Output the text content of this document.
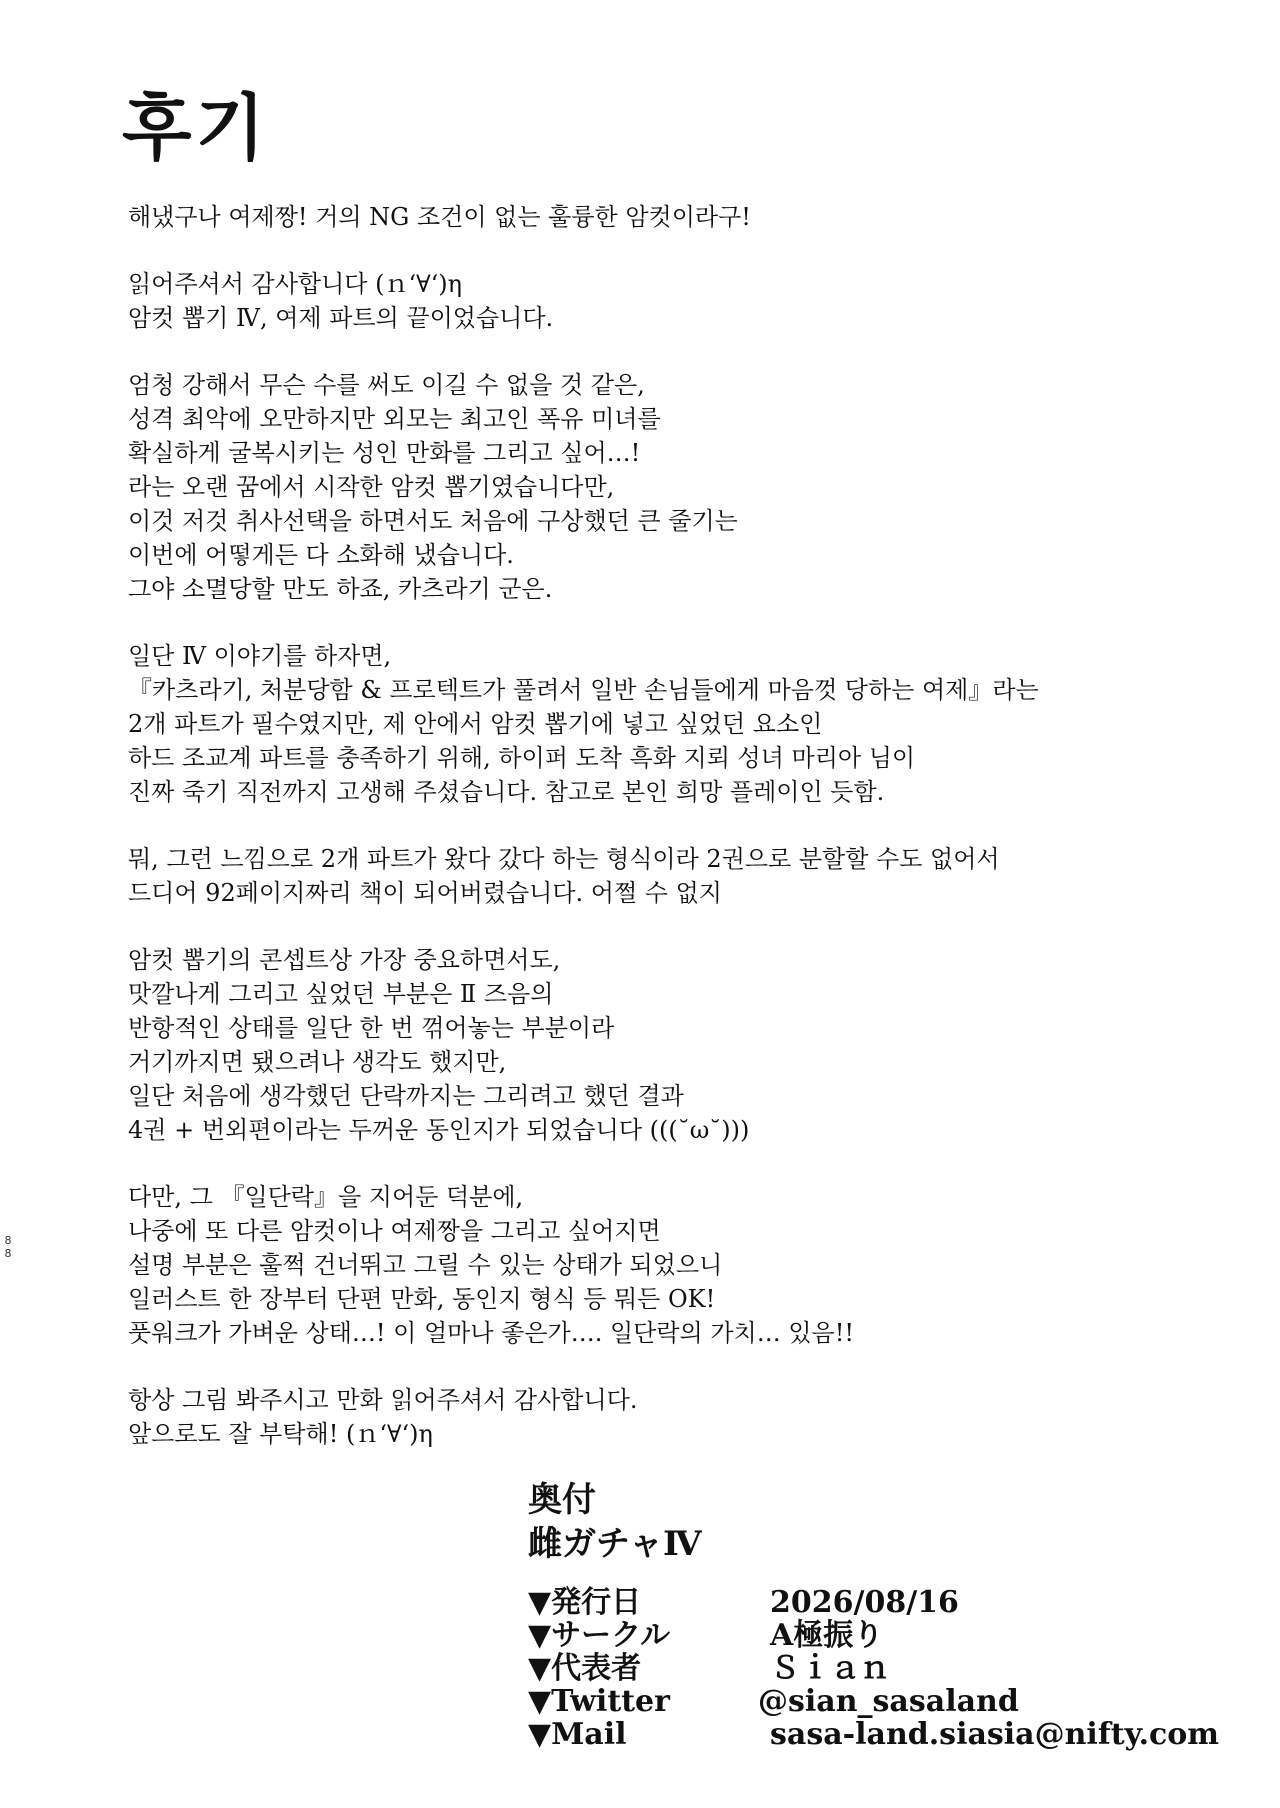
후기
해냈구나 여제짱! 거의 NG 조건이 없는 훌륭한 암컷이라구!
읽어주셔서 감사합니다 (ｎ‘∀‘)η
암컷 뽑기 Ⅳ, 여제 파트의 끝이었습니다.
엄청 강해서 무슨 수를 써도 이길 수 없을 것 같은,
성격 최악에 오만하지만 외모는 최고인 폭유 미녀를
확실하게 굴복시키는 성인 만화를 그리고 싶어…!
라는 오랜 꿈에서 시작한 암컷 뽑기였습니다만,
이것 저것 취사선택을 하면서도 처음에 구상했던 큰 줄기는
이번에 어떻게든 다 소화해 냈습니다.
그야 소멸당할 만도 하죠, 카츠라기 군은.
일단 Ⅳ 이야기를 하자면,
『카츠라기, 처분당함 & 프로텍트가 풀려서 일반 손님들에게 마음껏 당하는 여제』라는
2개 파트가 필수였지만, 제 안에서 암컷 뽑기에 넣고 싶었던 요소인
하드 조교계 파트를 충족하기 위해, 하이퍼 도착 흑화 지뢰 성녀 마리아 님이
진짜 죽기 직전까지 고생해 주셨습니다. 참고로 본인 희망 플레이인 듯함.
뭐, 그런 느낌으로 2개 파트가 왔다 갔다 하는 형식이라 2권으로 분할할 수도 없어서
드디어 92페이지짜리 책이 되어버렸습니다. 어쩔 수 없지
암컷 뽑기의 콘셉트상 가장 중요하면서도,
맛깔나게 그리고 싶었던 부분은 Ⅱ 즈음의
반항적인 상태를 일단 한 번 꺾어놓는 부분이라
거기까지면 됐으려나 생각도 했지만,
일단 처음에 생각했던 단락까지는 그리려고 했던 결과
4권 + 번외편이라는 두꺼운 동인지가 되었습니다 (((˘ω˘)))
다만, 그 『일단락』을 지어둔 덕분에,
나중에 또 다른 암컷이나 여제짱을 그리고 싶어지면
설명 부분은 훌쩍 건너뛰고 그릴 수 있는 상태가 되었으니
일러스트 한 장부터 단편 만화, 동인지 형식 등 뭐든 OK!
풋워크가 가벼운 상태…! 이 얼마나 좋은가…. 일단락의 가치… 있음!!
항상 그림 봐주시고 만화 읽어주셔서 감사합니다.
앞으로도 잘 부탁해! (ｎ‘∀‘)η
奥付
雌ガチャⅣ
▼発行日	2026/08/16
▼サークル	A極振り
▼代表者	Ｓｉａｎ
▼Twitter	@sian_sasaland
▼Mail	sasa-land.siasia@nifty.com
88
